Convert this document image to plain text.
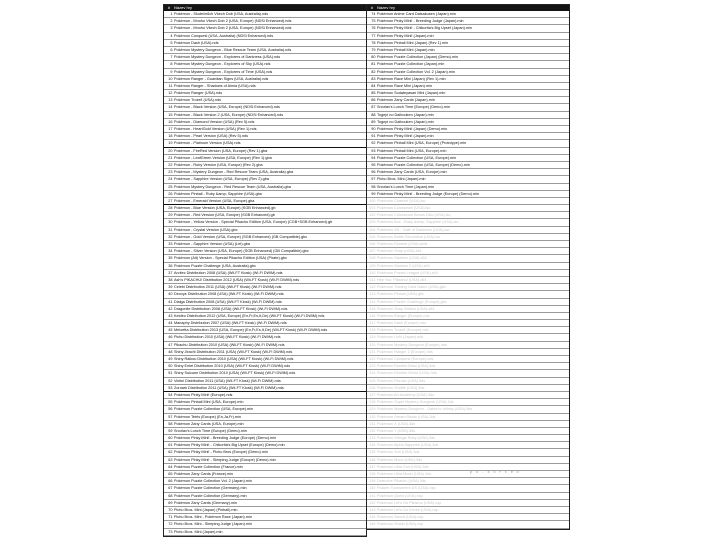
# Název hry
1 Pokémon - Skutečnůch Všech Dob (USA, Australia).nds
2 Pokémon - Mnoho Všech Dob 2 (USA, Europe) (NDSi Enhanced).nds
3 Pokémon - Mnoho Všech Dob 2 (USA, Europe) (NDSi Enhanced).nds
4 Pokémon Conquest (USA, Australia) (NDSi Enhanced).nds
5 Pokémon Dash (USA).nds
6 Pokémon Mystery Dungeon - Blue Rescue Team (USA, Australia).nds
7 Pokémon Mystery Dungeon - Explorers of Darkness (USA).nds
8 Pokémon Mystery Dungeon - Explorers of Sky (USA).nds
9 Pokémon Mystery Dungeon - Explorers of Time (USA).nds
10 Pokémon Ranger - Guardian Signs (USA, Australia).nds
11 Pokémon Ranger - Shadows of Almia (USA).nds
12 Pokémon Ranger (USA).nds
13 Pokémon Trozei! (USA).nds
14 Pokémon - Black Version (USA, Europe) (NDSi Enhanced).nds
15 Pokémon - Black Version 2 (USA, Europe) (NDSi Enhanced).nds
16 Pokémon - Diamond Version (USA) (Rev 5).nds
17 Pokémon - HeartGold Version (USA) (Rev 1).nds
18 Pokémon - Pearl Version (USA) (Rev 5).nds
19 Pokémon - Platinum Version (USA).nds
20 Pokémon - FireRed Version (USA, Europe) (Rev 1).gba
21 Pokémon - LeafGreen Version (USA, Europe) (Rev 1).gba
22 Pokémon - Ruby Version (USA, Europe) (Rev 2).gba
23 Pokémon - Mystery Dungeon - Red Rescue Team (USA, Australia).gba
24 Pokémon - Sapphire Version (USA, Europe) (Rev 2).gba
25 Pokémon Mystery Dungeon - Red Rescue Team (USA, Australia).gba
26 Pokémon Pinball - Ruby &amp; Sapphire (USA).gba
27 Pokémon - Emerald Version (USA, Europe).gba
28 Pokémon - Blue Version (USA, Europe) (SGB Enhanced).gb
29 Pokémon - Red Version (USA, Europe) (SGB Enhanced).gb
30 Pokémon - Yellow Version - Special Pikachu Edition (USA, Europe) (CGB+SGB Enhanced).gb
31 Pokémon - Crystal Version (USA).gbc
32 Pokémon - Gold Version (USA, Europe) (SGB Enhanced) (GB Compatible).gbc
33 Pokémon - Sapphire Version (USA) (Let).gba
34 Pokémon - Silver Version (USA, Europe) (SGB Enhanced) (GB Compatible).gbc
35 Pokémon (Alt) Version - Special Pikachu Edition (USA) (Pirate).gbc
36 Pokémon Puzzle Challenge (USA, Australia).gbc
37 Arcitec Distribution 2008 (USA) (Wii-FT Kiosk) (Wi-Fi DWiM).nds
38 Ash's PIKACHU! Distribution 2012 (USA) (Wii-FT Kiosk) (Wi-Fi DWiM).nds
39 Celebi Distribution 2011 (USA) (Wii-FT Kiosk) (Wi-Fi DWiM).nds
40 Deoxys Distribution 2008 (USA) (Wii-FT Kiosk) (Wi-Fi DWiM).nds
41 Dialga Distribution 2008 (USA) (Wii-FT Kiosk) (Wi-Fi DWiM).nds
42 Dragonite Distribution 2008 (USA) (Wii-FT Kiosk) (Wi-Fi DWiM).nds
43 Keldeo Distribution 2012 (USA, Europe) (En,Fr,Es,It,De) (Wii-FT Kiosk) (Wi-Fi DWiM).nds
44 Manaphy Distribution 2007 (USA) (Wii-FT Kiosk) (Wi-Fi DWiM).nds
45 Meloetta Distribution 2013 (USA, Europe) (En,Fr,Es,It,De) (Wii-FT Kiosk) (Wi-Fi DWiM).nds
46 Pichu Distribution 2010 (USA) (Wii-FT Kiosk) (Wi-Fi DWiM).nds
47 Pikachu Distribution 2010 (USA) (Wii-FT Kiosk) (Wi-Fi DWiM).nds
48 Shiny Jirachi Distribution 2011 (USA) (Wii-FT Kiosk) (Wi-Fi DWiM).nds
49 Shiny Raikou Distribution 2010 (USA) (Wii-FT Kiosk) (Wi-Fi DWiM).nds
50 Shiny Entei Distribution 2010 (USA) (Wii-FT Kiosk) (Wi-Fi DWiM).nds
51 Shiny Suicune Distribution 2010 (USA) (Wii-FT Kiosk) (Wi-Fi DWiM).nds
52 Victini Distribution 2011 (USA) (Wii-FT Kiosk) (Wi-Fi DWiM).nds
53 Zoroark Distribution 2011 (USA) (Wii-FT Kiosk) (Wi-Fi DWiM).nds
54 Pokémon Pinky Mini! (Europe).nds
55 Pokémon Pinball Mini (USA, Europe).min
56 Pokémon Puzzle Collection (USA, Europe).min
57 Pokémon Tetris (Europe) (En,Ja,Fr).min
58 Pokémon Zany Cards (USA, Europe).min
59 Snorlax's Lunch Time (Europe) (Demo).min
60 Pokémon Pinky Mini! - Breeding Judge (Europe) (Demo).min
61 Pokémon Pinky Mini! - Chikorita's Big Upset (Europe) (Demo).min
62 Pokémon Pinky Mini! - Pichu Bros (Europe) (Demo).min
63 Pokémon Pinky Mini! - Sleeping Judge (Europe) (Demo).min
64 Pokémon Puzzle Collection (France).min
65 Pokémon Zany Cards (France).min
66 Pokémon Puzzle Collection Vol. 2 (Japan).min
67 Pokémon Puzzle Collection (Germany).min
68 Pokémon Puzzle Collection (Germany).min
69 Pokémon Zany Cards (Germany).min
70 Pichu Bros. Mini (Japan) (Pinball).min
71 Pichu Bros. Mini - Pokémon Race (Japan).min
72 Pichu Bros. Mini - Sleeping Judge (Japan).min
73 Pichu Bros. Mini (Japan).min
# Název hry
74 Pokémon Anime Card Daisakusen (Japan).min
75 Pokémon Pinky Mini! - Breeding Judge (Japan).min
76 Pokémon Pinky Mini! - Chikorita's Big Upset (Japan).min
77 Pokémon Pinky Mini! (Japan).min
78 Pokémon Pinball Mini (Japan) (Rev 1).min
79 Pokémon Pinball Mini (Japan).min
80 Pokémon Puzzle Collection (Japan) (Demo).min
81 Pokémon Puzzle Collection (Japan).min
82 Pokémon Puzzle Collection Vol. 2 (Japan).min
83 Pokémon Race Mini (Japan) (Rev 1).min
84 Pokémon Race Mini (Japan).min
85 Pokémon Sodateyasan Mini (Japan).min
86 Pokémon Zany Cards (Japan).min
87 Snorlax's Lunch Time (Europe) (Demo).min
88 Togepi no Daibouken (Japan).min
89 Togepi no Daibouken (Japan).min
90 Pokémon Pinky Mini! (Japan) (Demo).min
91 Pokémon Pinky Mini! (Japan).min
92 Pokémon Pinball Mini (USA, Europe) (Prototype).min
93 Pokémon Pinball Mini (USA, Europe).min
94 Pokémon Puzzle Collection (USA, Europe).min
95 Pokémon Puzzle Collection (USA, Europe) (Demo).min
96 Pokémon Zany Cards (USA, Europe).min
97 Pichu Bros. Mini (Japan).min
98 Snorlax's Lunch Time (Japan).min
99 Pokémon Pinky Mini! - Breeding Judge (Europe) (Demo).min
100 Pokémon Channel (USA).iso
101 Pokémon Colosseum (USA).iso
102 Pokémon Colosseum Bonus Disc (USA).iso
103 Pokémon Box - Ruby &amp; Sapphire (USA).iso
104 Pokémon XD - Gale of Darkness (USA).iso
105 Pokémon Battle Revolution (USA).iso
106 Pokémon Rumble (USA).wbfs
107 Pokémon Snap (USA).z64
108 Pokémon Stadium (USA).z64
109 Pokémon Stadium 2 (USA).z64
110 Pokémon Puzzle League (USA).z64
111 Hey You, Pikachu! (USA).z64
112 Pokémon Trading Card Game (USA).gbc
113 Pokémon Pinball (USA).gbc
114 Pokémon Puzzle Challenge (Europe).gbc
115 Pokémon Snap Station (USA).z64
116 Pokémon Ranger (Europe).nds
117 Pokémon Dash (Europe).nds
118 Pokémon Trozei! (Europe).nds
119 Pokémon Link! (Japan).nds
120 Pokémon Mystery Dungeon (Europe).nds
121 Pokémon Ranger 2 (Europe).nds
122 Pokémon Conquest (Europe).nds
123 Pokémon Rumble Blast (USA).3ds
124 Pokémon Rumble World (USA).3ds
125 Pokémon Picross (USA).3ds
126 Pokémon Shuffle (USA).3ds
127 Pokémon Art Academy (USA).3ds
128 Pokémon Super Mystery Dungeon (USA).3ds
129 Pokémon Mystery Dungeon - Gates to Infinity (USA).3ds
130 Pokémon Dream Radar (USA).3ds
131 Pokémon X (USA).3ds
132 Pokémon Y (USA).3ds
133 Pokémon Omega Ruby (USA).3ds
134 Pokémon Alpha Sapphire (USA).3ds
135 Pokémon Sun (USA).3ds
136 Pokémon Moon (USA).3ds
137 Pokémon Ultra Sun (USA).3ds
138 Pokémon Ultra Moon (USA).3ds
139 Detective Pikachu (USA).3ds
140 Pokkén Tournament DX (USA).nsp
141 Pokémon Quest (USA).nsp
142 Pokémon Let's Go Pikachu (USA).nsp
143 Pokémon Let's Go Eevee (USA).nsp
144 Pokémon Sword (USA).nsp
145 Pokémon Shield (USA).nsp
p k - s o r t e d
